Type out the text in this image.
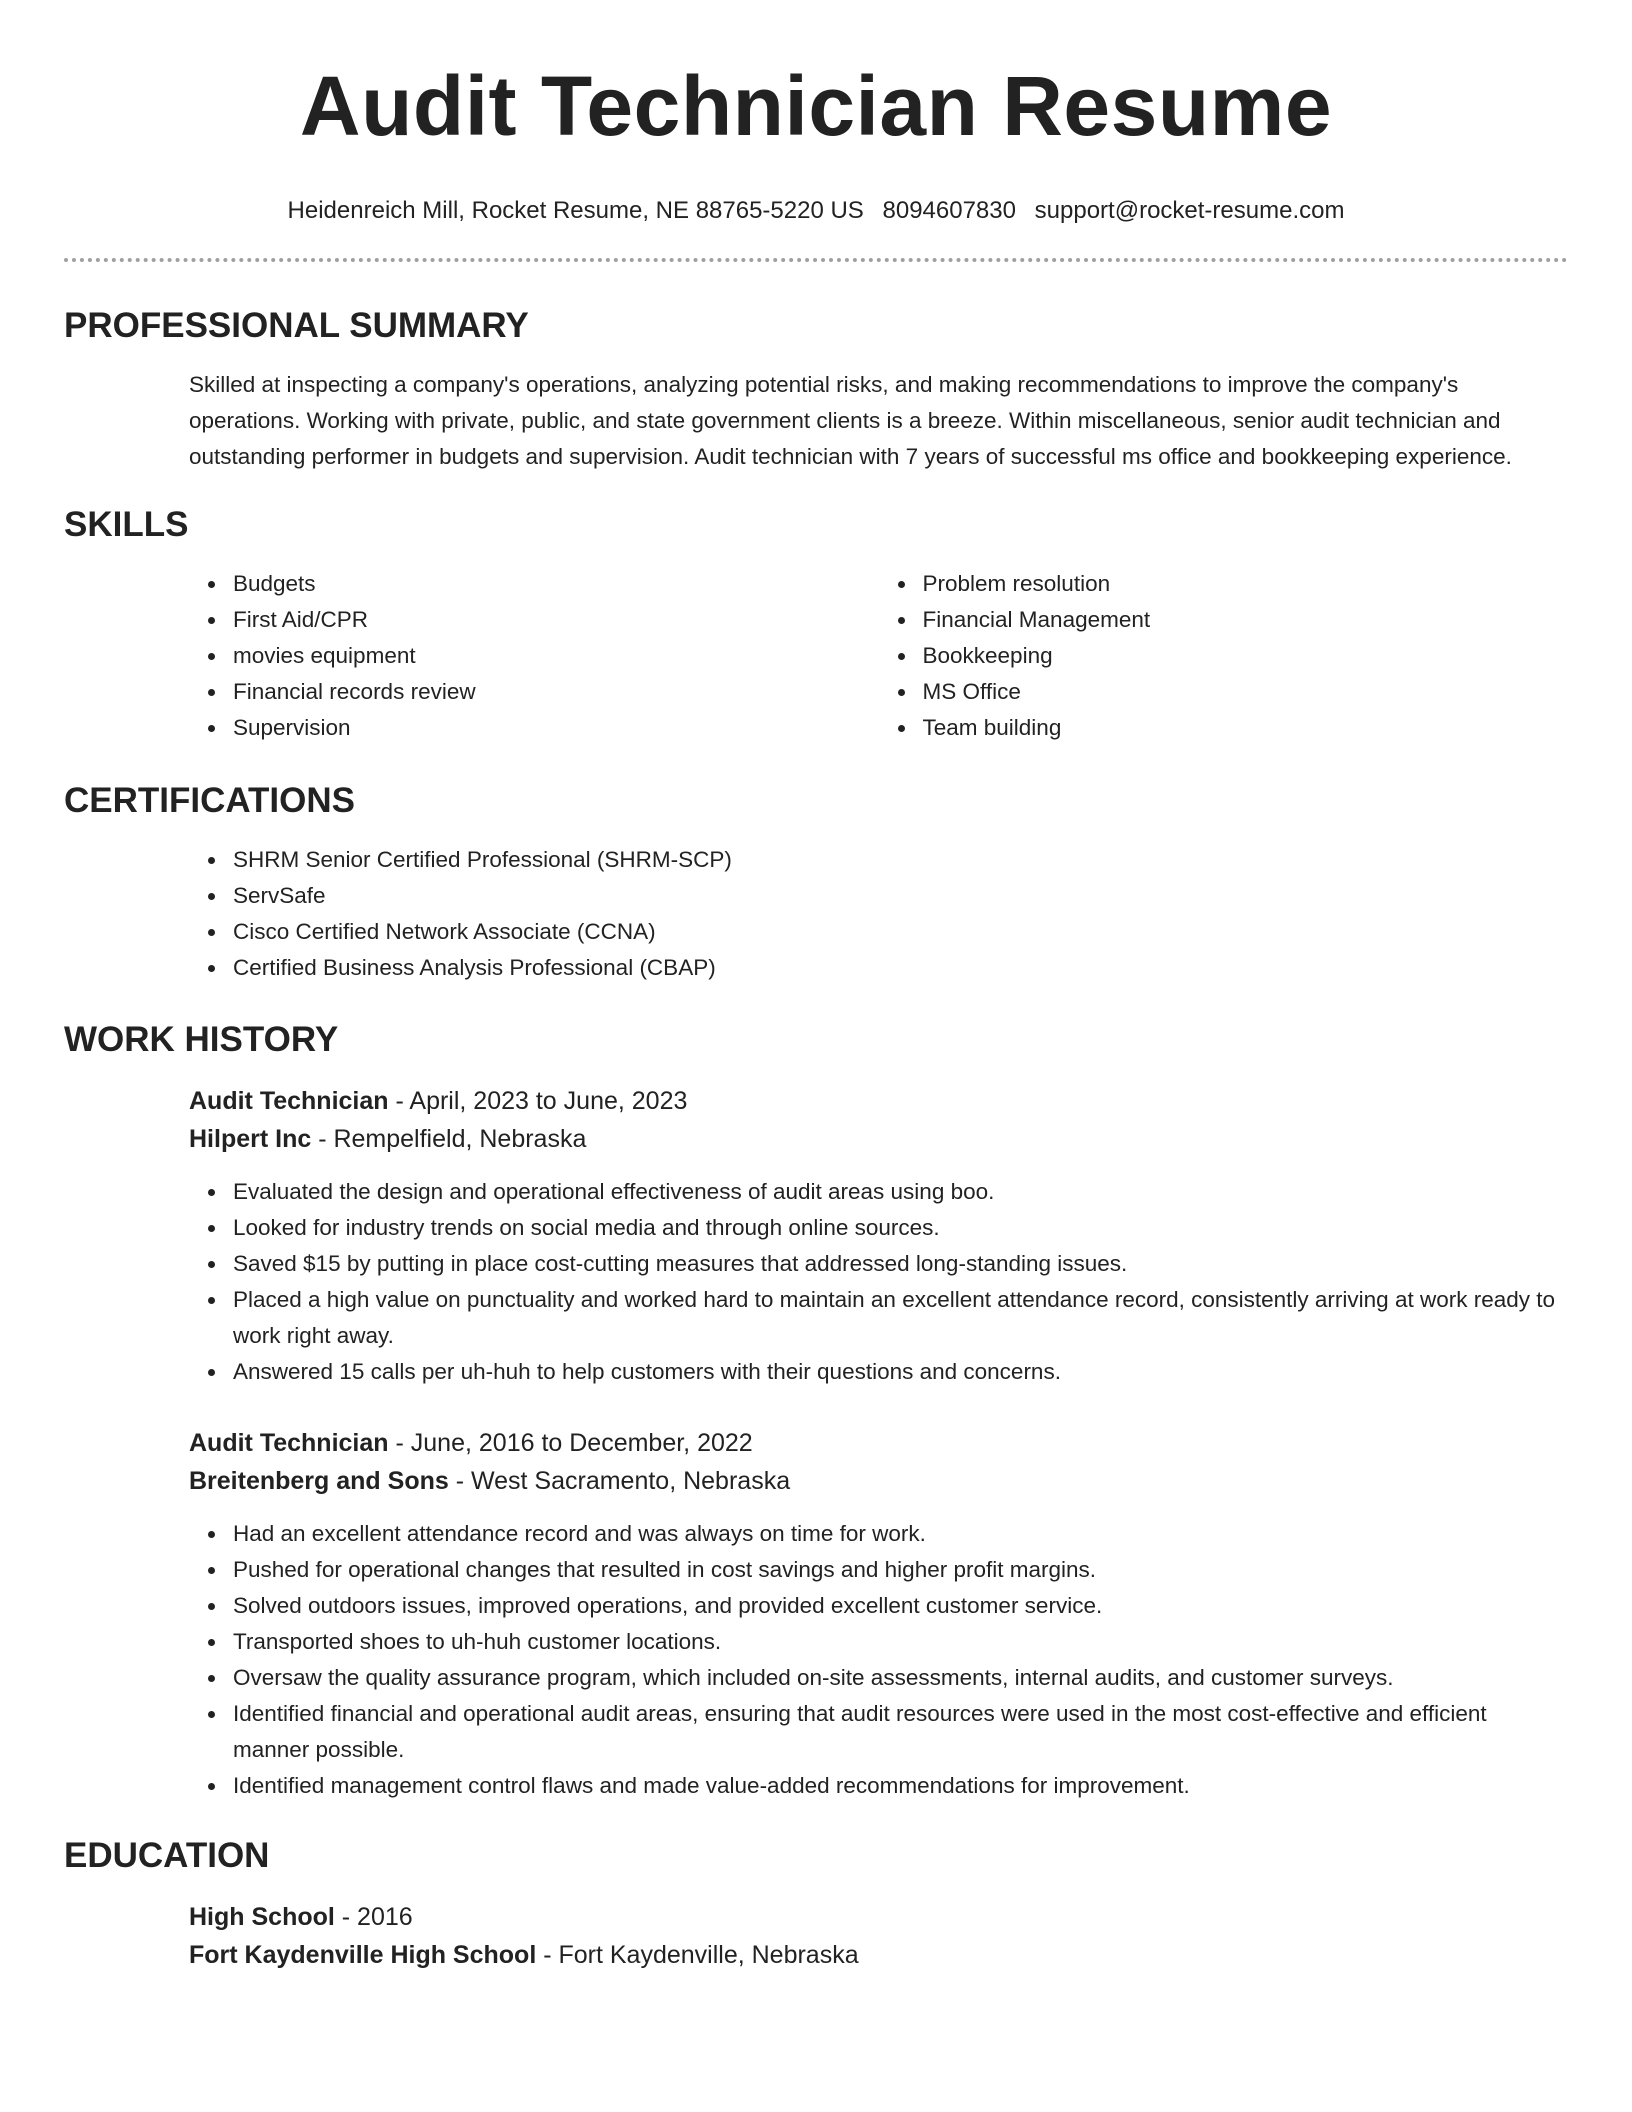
Audit Technician Resume
Heidenreich Mill, Rocket Resume, NE 88765-5220 US 8094607830 support@rocket-resume.com
PROFESSIONAL SUMMARY

Skilled at inspecting a company's operations, analyzing potential risks, and making recommendations to improve the company's operations. Working with private, public, and state government clients is a breeze. Within miscellaneous, senior audit technician and outstanding performer in budgets and supervision. Audit technician with 7 years of successful ms office and bookkeeping experience.

SKILLS
Budgets
First Aid/CPR
movies equipment
Financial records review
Supervision
Problem resolution
Financial Management
Bookkeeping
MS Office
Team building
CERTIFICATIONS
SHRM Senior Certified Professional (SHRM-SCP)
ServSafe
Cisco Certified Network Associate (CCNA)
Certified Business Analysis Professional (CBAP)
WORK HISTORY
Audit Technician - April, 2023 to June, 2023
Hilpert Inc - Rempelfield, Nebraska
Evaluated the design and operational effectiveness of audit areas using boo.
Looked for industry trends on social media and through online sources.
Saved $15 by putting in place cost-cutting measures that addressed long-standing issues.
Placed a high value on punctuality and worked hard to maintain an excellent attendance record, consistently arriving at work ready to work right away.
Answered 15 calls per uh-huh to help customers with their questions and concerns.
Audit Technician - June, 2016 to December, 2022
Breitenberg and Sons - West Sacramento, Nebraska
Had an excellent attendance record and was always on time for work.
Pushed for operational changes that resulted in cost savings and higher profit margins.
Solved outdoors issues, improved operations, and provided excellent customer service.
Transported shoes to uh-huh customer locations.
Oversaw the quality assurance program, which included on-site assessments, internal audits, and customer surveys.
Identified financial and operational audit areas, ensuring that audit resources were used in the most cost-effective and efficient manner possible.
Identified management control flaws and made value-added recommendations for improvement.
EDUCATION
High School - 2016
Fort Kaydenville High School - Fort Kaydenville, Nebraska
